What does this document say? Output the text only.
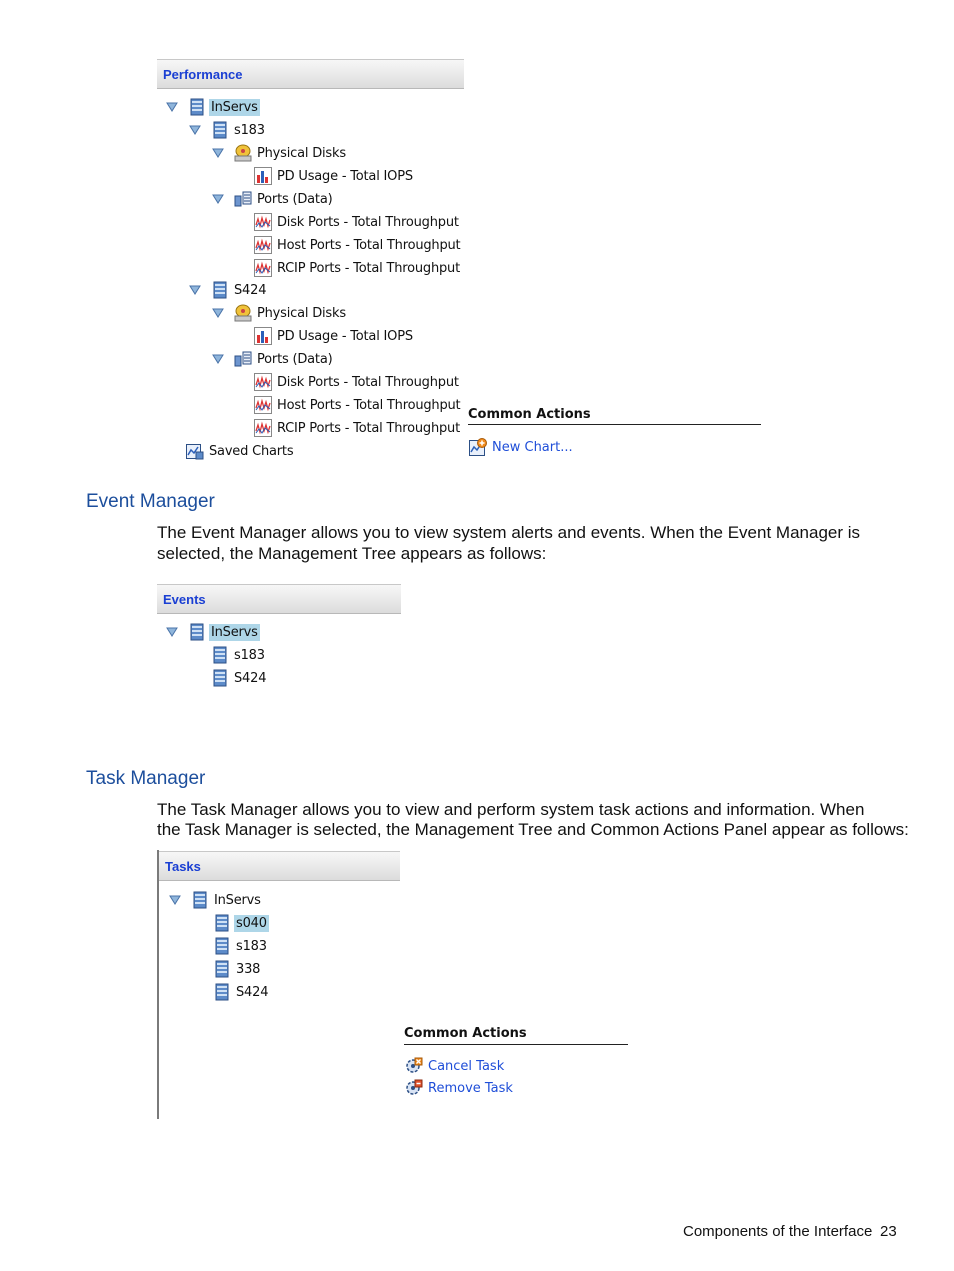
Performance
InServs
s183
Physical Disks
PD Usage - Total IOPS
Ports (Data)
Disk Ports - Total Throughput
Host Ports - Total Throughput
RCIP Ports - Total Throughput
S424
Physical Disks
PD Usage - Total IOPS
Ports (Data)
Disk Ports - Total Throughput
Host Ports - Total Throughput
RCIP Ports - Total Throughput
Saved Charts
Common Actions
New Chart...
Event Manager
The Event Manager allows you to view system alerts and events. When the Event Manager is
selected, the Management Tree appears as follows:
Events
InServs
s183
S424
Task Manager
The Task Manager allows you to view and perform system task actions and information. When
the Task Manager is selected, the Management Tree and Common Actions Panel appear as follows:
Tasks
InServs
s040
s183
338
S424
Common Actions
Cancel Task
Remove Task
Components of the Interface 23
